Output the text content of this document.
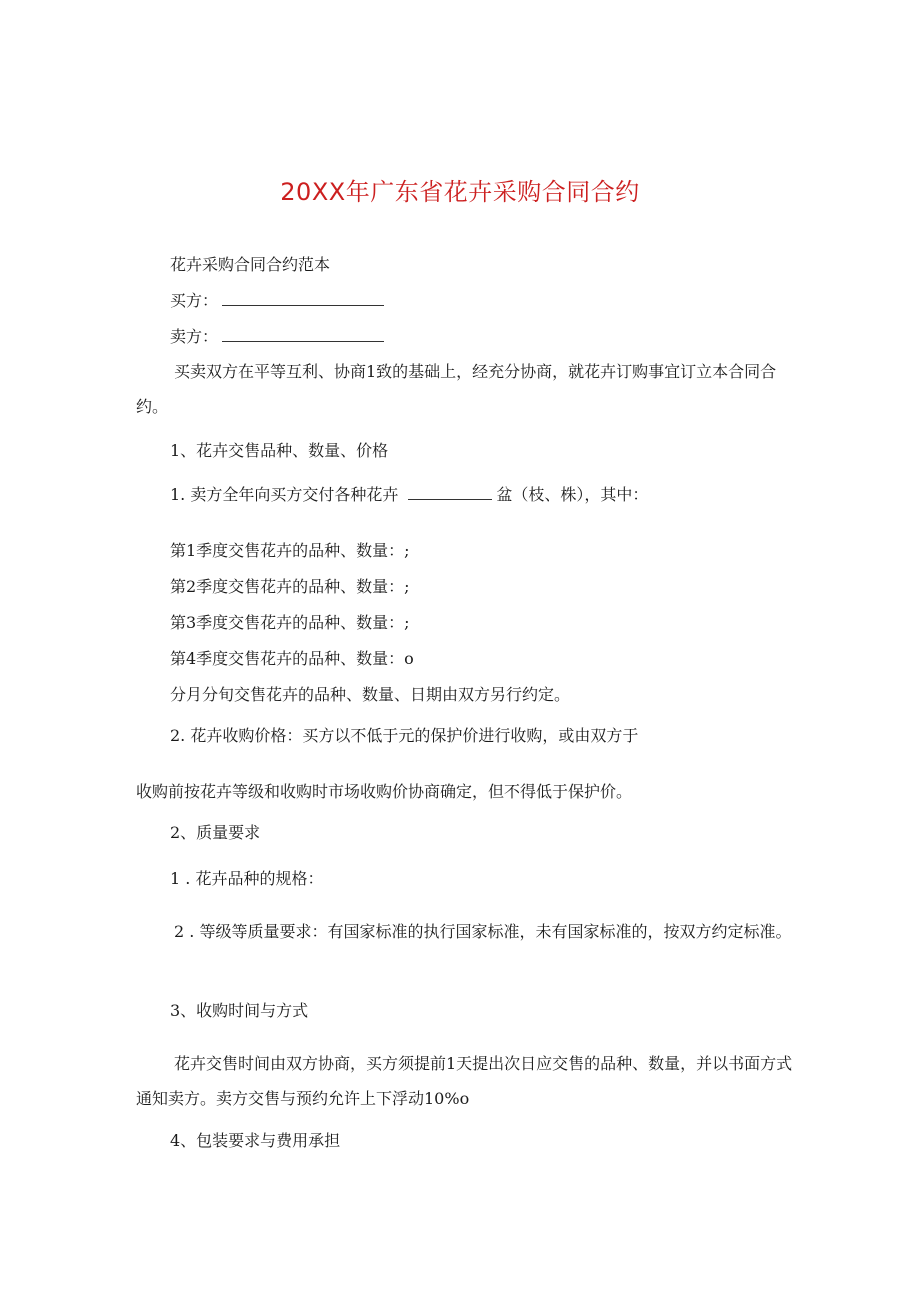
20XX年广东省花卉采购合同合约
花卉采购合同合约范本
买方：
卖方：
买卖双方在平等互利、协商1致的基础上，经充分协商，就花卉订购事宜订立本合同合约。
1、花卉交售品种、数量、价格
1. 卖方全年向买方交付各种花卉	盆（枝、株），其中：
第1季度交售花卉的品种、数量：;
第2季度交售花卉的品种、数量：;
第3季度交售花卉的品种、数量：;
第4季度交售花卉的品种、数量：o
分月分旬交售花卉的品种、数量、日期由双方另行约定。
2. 花卉收购价格：买方以不低于元的保护价进行收购，或由双方于
收购前按花卉等级和收购时市场收购价协商确定，但不得低于保护价。
2、质量要求
1 . 花卉品种的规格：
2 . 等级等质量要求：有国家标准的执行国家标准，未有国家标准的，按双方约定标准。
3、收购时间与方式
花卉交售时间由双方协商，买方须提前1天提出次日应交售的品种、数量，并以书面方式通知卖方。卖方交售与预约允许上下浮动10%o
4、包装要求与费用承担
